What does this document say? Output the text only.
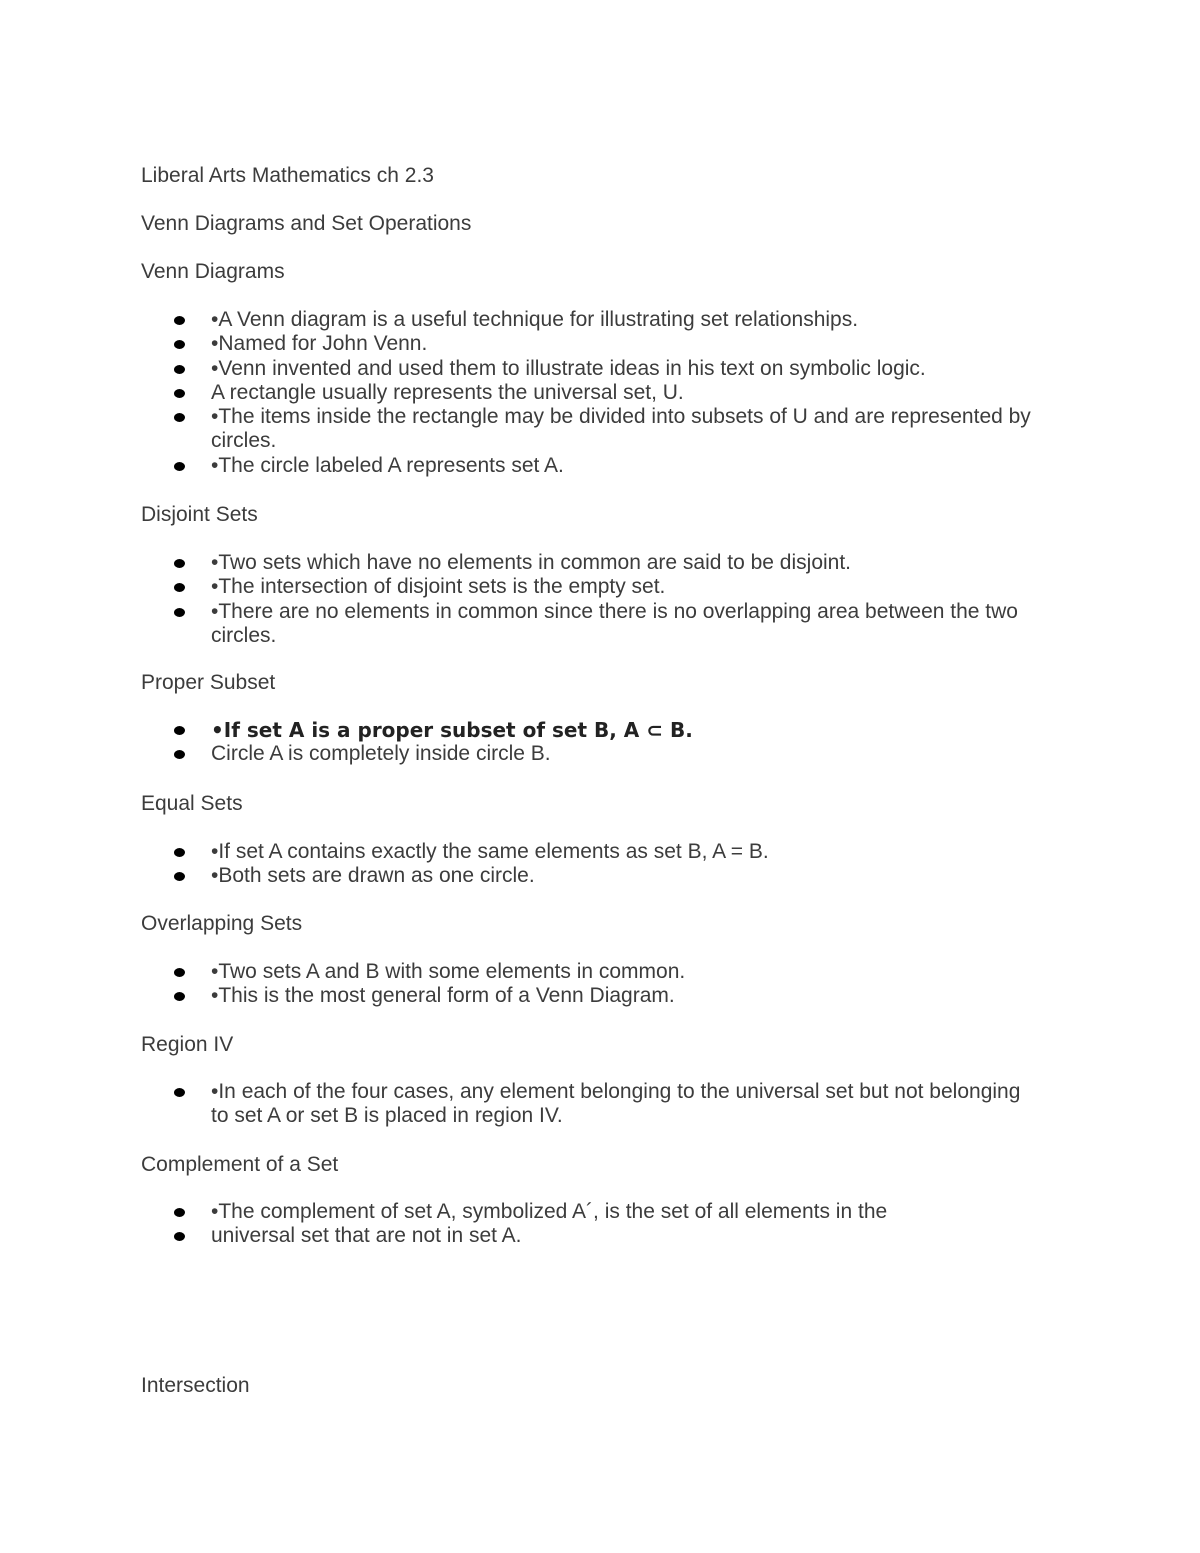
Liberal Arts Mathematics ch 2.3
Venn Diagrams and Set Operations
Venn Diagrams
•A Venn diagram is a useful technique for illustrating set relationships.
•Named for John Venn.
•Venn invented and used them to illustrate ideas in his text on symbolic logic.
A rectangle usually represents the universal set, U.
•The items inside the rectangle may be divided into subsets of U and are represented by circles.
•The circle labeled A represents set A.
Disjoint Sets
•Two sets which have no elements in common are said to be disjoint.
•The intersection of disjoint sets is the empty set.
•There are no elements in common since there is no overlapping area between the two circles.
Proper Subset
•If set A is a proper subset of set B, A ⊂ B.
Circle A is completely inside circle B.
Equal Sets
•If set A contains exactly the same elements as set B, A = B.
•Both sets are drawn as one circle.
Overlapping Sets
•Two sets A and B with some elements in common.
•This is the most general form of a Venn Diagram.
Region IV
•In each of the four cases, any element belonging to the universal set but not belonging to set A or set B is placed in region IV.
Complement of a Set
•The complement of set A, symbolized A´, is the set of all elements in the
universal set that are not in set A.
Intersection
